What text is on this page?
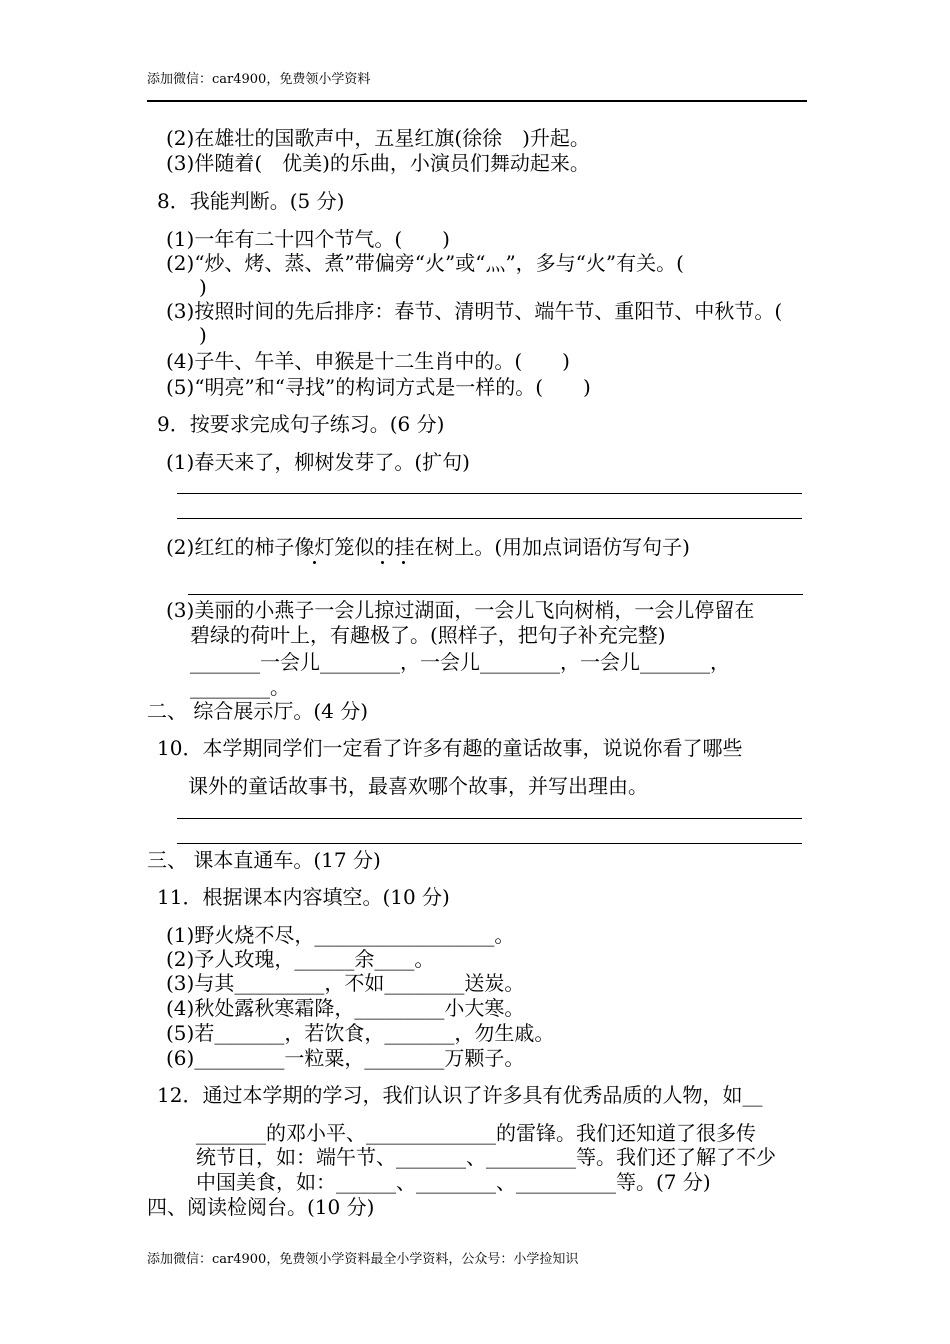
添加微信：car4900，免费领小学资料
(2)在雄壮的国歌声中，五星红旗(徐徐　)升起。
(3)伴随着(　优美)的乐曲，小演员们舞动起来。
8．我能判断。(5 分)
(1)一年有二十四个节气。(　　)
(2)“炒、烤、蒸、煮”带偏旁“火”或“灬”，多与“火”有关。(
)
(3)按照时间的先后排序：春节、清明节、端午节、重阳节、中秋节。(
)
(4)子牛、午羊、申猴是十二生肖中的。(　　)
(5)“明亮”和“寻找”的构词方式是一样的。(　　)
9．按要求完成句子练习。(6 分)
(1)春天来了，柳树发芽了。(扩句)
(2)红红的柿子像灯笼似的挂在树上。(用加点词语仿写句子)
(3)美丽的小燕子一会儿掠过湖面，一会儿飞向树梢，一会儿停留在
碧绿的荷叶上，有趣极了。(照样子，把句子补充完整)
_______一会儿________，一会儿________，一会儿_______，
________。
二、 综合展示厅。(4 分)
10．本学期同学们一定看了许多有趣的童话故事，说说你看了哪些
课外的童话故事书，最喜欢哪个故事，并写出理由。
三、 课本直通车。(17 分)
11．根据课本内容填空。(10 分)
(1)野火烧不尽，__________________。
(2)予人玫瑰，______余____。
(3)与其_________，不如________送炭。
(4)秋处露秋寒霜降，_________小大寒。
(5)若_______，若饮食，_______，勿生戚。
(6)_________一粒粟，________万颗子。
12．通过本学期的学习，我们认识了许多具有优秀品质的人物，如__
_______的邓小平、_____________的雷锋。我们还知道了很多传
统节日，如：端午节、_______、_________等。我们还了解了不少
中国美食，如：______、________、__________等。(7 分)
四、阅读检阅台。(10 分)
添加微信：car4900，免费领小学资料最全小学资料，公众号：小学捡知识
